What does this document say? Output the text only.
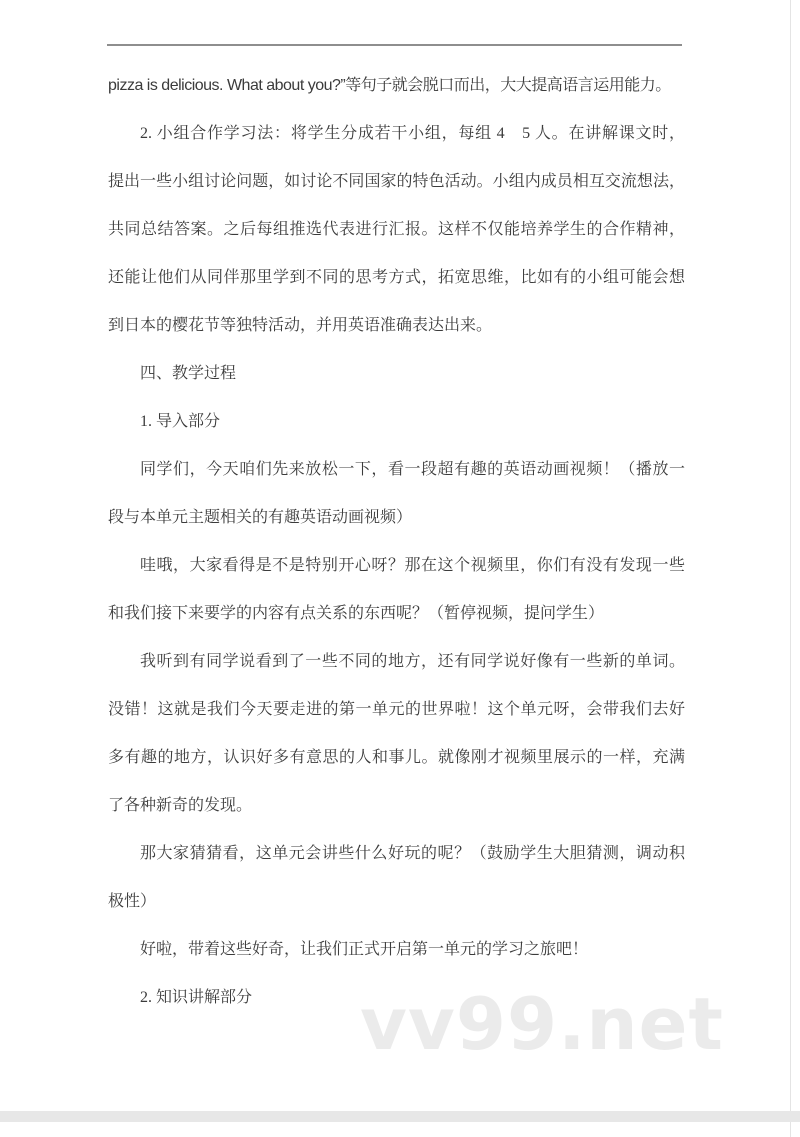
vv99.net
pizza is delicious. What about you?”等句子就会脱口而出，大大提高语言运用能力。
2. 小组合作学习法：将学生分成若干小组，每组 4　5 人。在讲解课文时，
提出一些小组讨论问题，如讨论不同国家的特色活动。小组内成员相互交流想法，
共同总结答案。之后每组推选代表进行汇报。这样不仅能培养学生的合作精神，
还能让他们从同伴那里学到不同的思考方式，拓宽思维，比如有的小组可能会想
到日本的樱花节等独特活动，并用英语准确表达出来。
四、教学过程
1. 导入部分
同学们，今天咱们先来放松一下，看一段超有趣的英语动画视频！（播放一
段与本单元主题相关的有趣英语动画视频）
哇哦，大家看得是不是特别开心呀？那在这个视频里，你们有没有发现一些
和我们接下来要学的内容有点关系的东西呢？（暂停视频，提问学生）
我听到有同学说看到了一些不同的地方，还有同学说好像有一些新的单词。
没错！这就是我们今天要走进的第一单元的世界啦！这个单元呀，会带我们去好
多有趣的地方，认识好多有意思的人和事儿。就像刚才视频里展示的一样，充满
了各种新奇的发现。
那大家猜猜看，这单元会讲些什么好玩的呢？（鼓励学生大胆猜测，调动积
极性）
好啦，带着这些好奇，让我们正式开启第一单元的学习之旅吧！
2. 知识讲解部分
